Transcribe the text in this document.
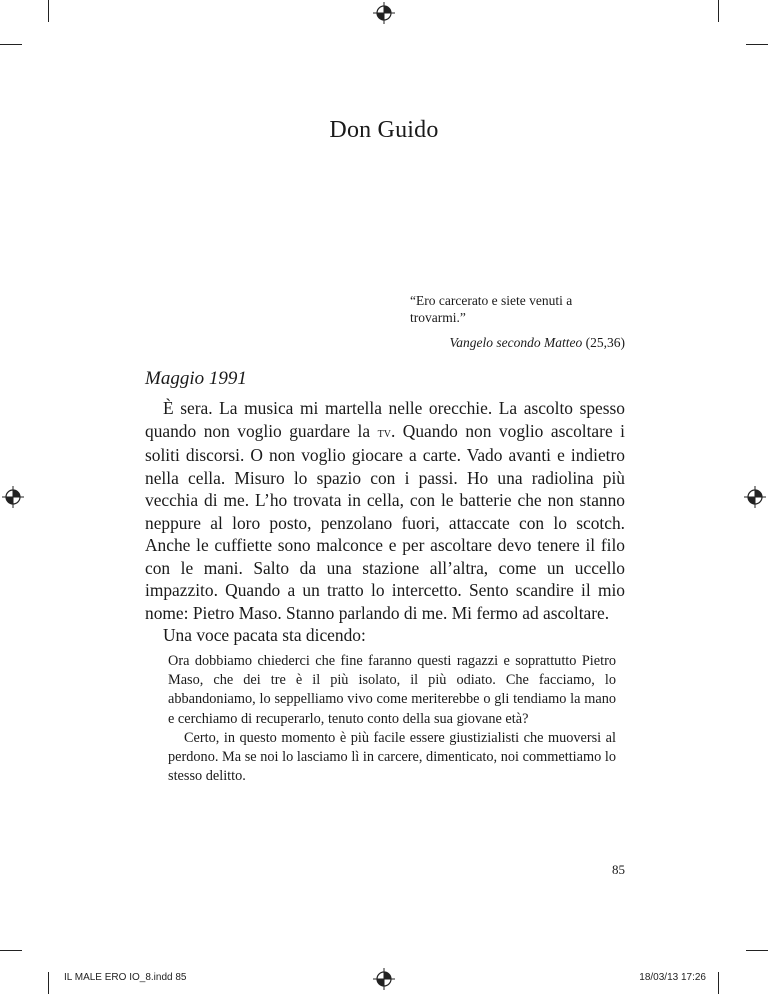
Don Guido
“Ero carcerato e siete venuti a trovarmi.”
Vangelo secondo Matteo (25,36)
Maggio 1991

È sera. La musica mi martella nelle orecchie. La ascolto spesso quando non voglio guardare la tv. Quando non voglio ascoltare i soliti discorsi. O non voglio giocare a carte. Vado avanti e indietro nella cella. Misuro lo spazio con i passi. Ho una radiolina più vecchia di me. L’ho trovata in cella, con le batterie che non stanno neppure al loro posto, penzolano fuori, attaccate con lo scotch. Anche le cuffiette sono malconce e per ascoltare devo tenere il filo con le mani. Salto da una stazione all’altra, come un uccello impazzito. Quando a un tratto lo intercetto. Sento scandire il mio nome: Pietro Maso. Stanno parlando di me. Mi fermo ad ascoltare.

Una voce pacata sta dicendo:

Ora dobbiamo chiederci che fine faranno questi ragazzi e soprattutto Pietro Maso, che dei tre è il più isolato, il più odiato. Che facciamo, lo abbandoniamo, lo seppelliamo vivo come meriterebbe o gli tendiamo la mano e cerchiamo di recuperarlo, tenuto conto della sua giovane età?

Certo, in questo momento è più facile essere giustizialisti che muoversi al perdono. Ma se noi lo lasciamo lì in carcere, dimenticato, noi commettiamo lo stesso delitto.

85
IL MALE ERO IO_8.indd 85	18/03/13 17:26
